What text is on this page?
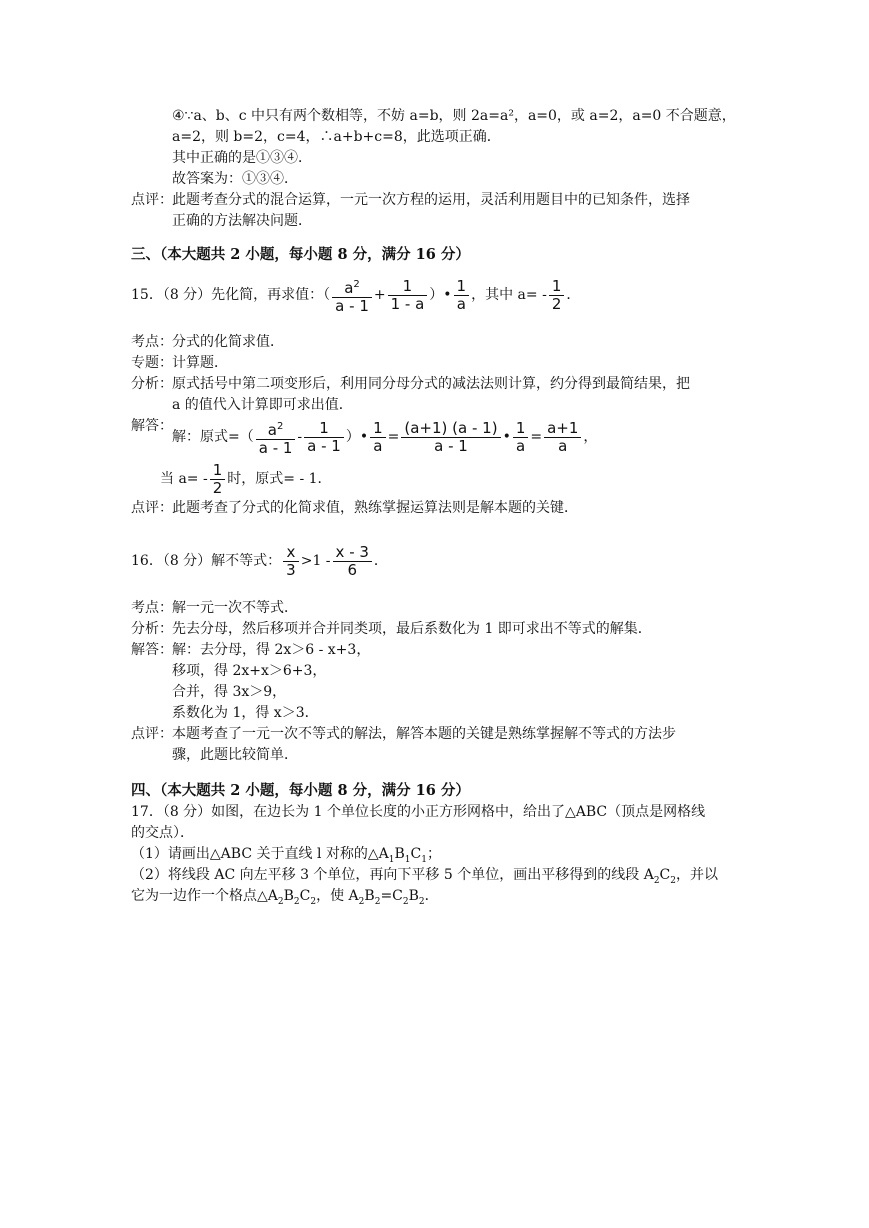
④∵a、b、c 中只有两个数相等，不妨 a=b，则 2a=a²，a=0，或 a=2，a=0 不合题意，
a=2，则 b=2，c=4，∴a+b+c=8，此选项正确．
其中正确的是①③④．
故答案为：①③④．
点评： 此题考查分式的混合运算，一元一次方程的运用，灵活利用题目中的已知条件，选择
正确的方法解决问题．
三、（本大题共 2 小题，每小题 8 分，满分 16 分）
15．（8 分）先化简，再求值：（ $\frac{a^2}{a - 1} + \frac{1}{1 - a}$ ）• $\frac{1}{a}$ ，其中 $a= - \frac{1}{2}$ ．
考点： 分式的化简求值．
专题： 计算题．
分析： 原式括号中第二项变形后，利用同分母分式的减法法则计算，约分得到最简结果，把
a 的值代入计算即可求出值．
解答：
解：原式=（ $\frac{a^2}{a - 1} - \frac{1}{a - 1}$ ）• $\frac{1}{a} = \frac{(a+1) (a - 1)}{a - 1}$ • $\frac{1}{a} = \frac{a+1}{a}$ ，
当 $a= - \frac{1}{2}$ 时，原式= - 1．
点评： 此题考查了分式的化简求值，熟练掌握运算法则是解本题的关键．
16．（8 分）解不等式： $\frac{x}{3} >1 - \frac{x - 3}{6}$ ．
考点： 解一元一次不等式．
分析： 先去分母，然后移项并合并同类项，最后系数化为 1 即可求出不等式的解集．
解答： 解：去分母，得 2x＞6 - x+3，
移项，得 2x+x＞6+3，
合并，得 3x＞9，
系数化为 1，得 x＞3．
点评： 本题考查了一元一次不等式的解法，解答本题的关键是熟练掌握解不等式的方法步
骤，此题比较简单．
四、（本大题共 2 小题，每小题 8 分，满分 16 分）
17．（8 分）如图，在边长为 1 个单位长度的小正方形网格中，给出了△ABC（顶点是网格线
的交点）．
（1）请画出△ABC 关于直线 l 对称的$\triangle A_1B_1C_1$；
（2）将线段 AC 向左平移 3 个单位，再向下平移 5 个单位，画出平移得到的线段 $A_2C_2$，并以
它为一边作一个格点$\triangle A_2B_2C_2$，使 $A_2B_2=C_2B_2$．
